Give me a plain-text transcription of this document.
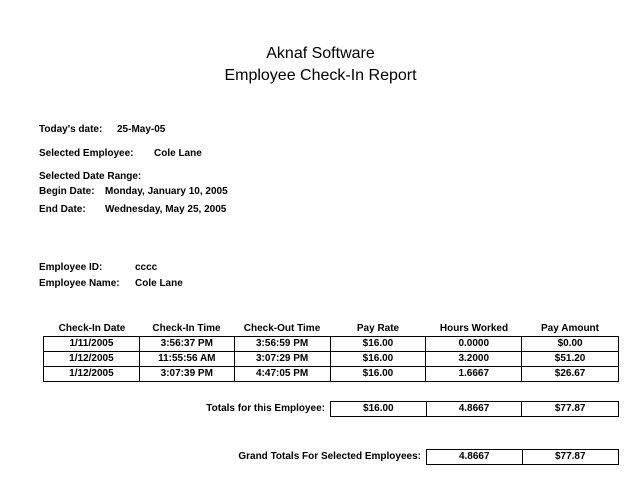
Aknaf Software
Employee Check-In Report
Today's date: 25-May-05
Selected Employee: Cole Lane
Selected Date Range:
Begin Date: Monday, January 10, 2005
End Date: Wednesday, May 25, 2005
Employee ID:	cccc
Employee Name: Cole Lane
Check-In Date	Check-In Time	Check-Out Time	Pay Rate	Hours Worked	Pay Amount
1/11/2005	3:56:37 PM	3:56:59 PM	$16.00	0.0000	$0.00
1/12/2005	11:55:56 AM	3:07:29 PM	$16.00	3.2000	$51.20
1/12/2005	3:07:39 PM	4:47:05 PM	$16.00	1.6667	$26.67
Totals for this Employee:	$16.00	4.8667	$77.87
Grand Totals For Selected Employees:	4.8667	$77.87
